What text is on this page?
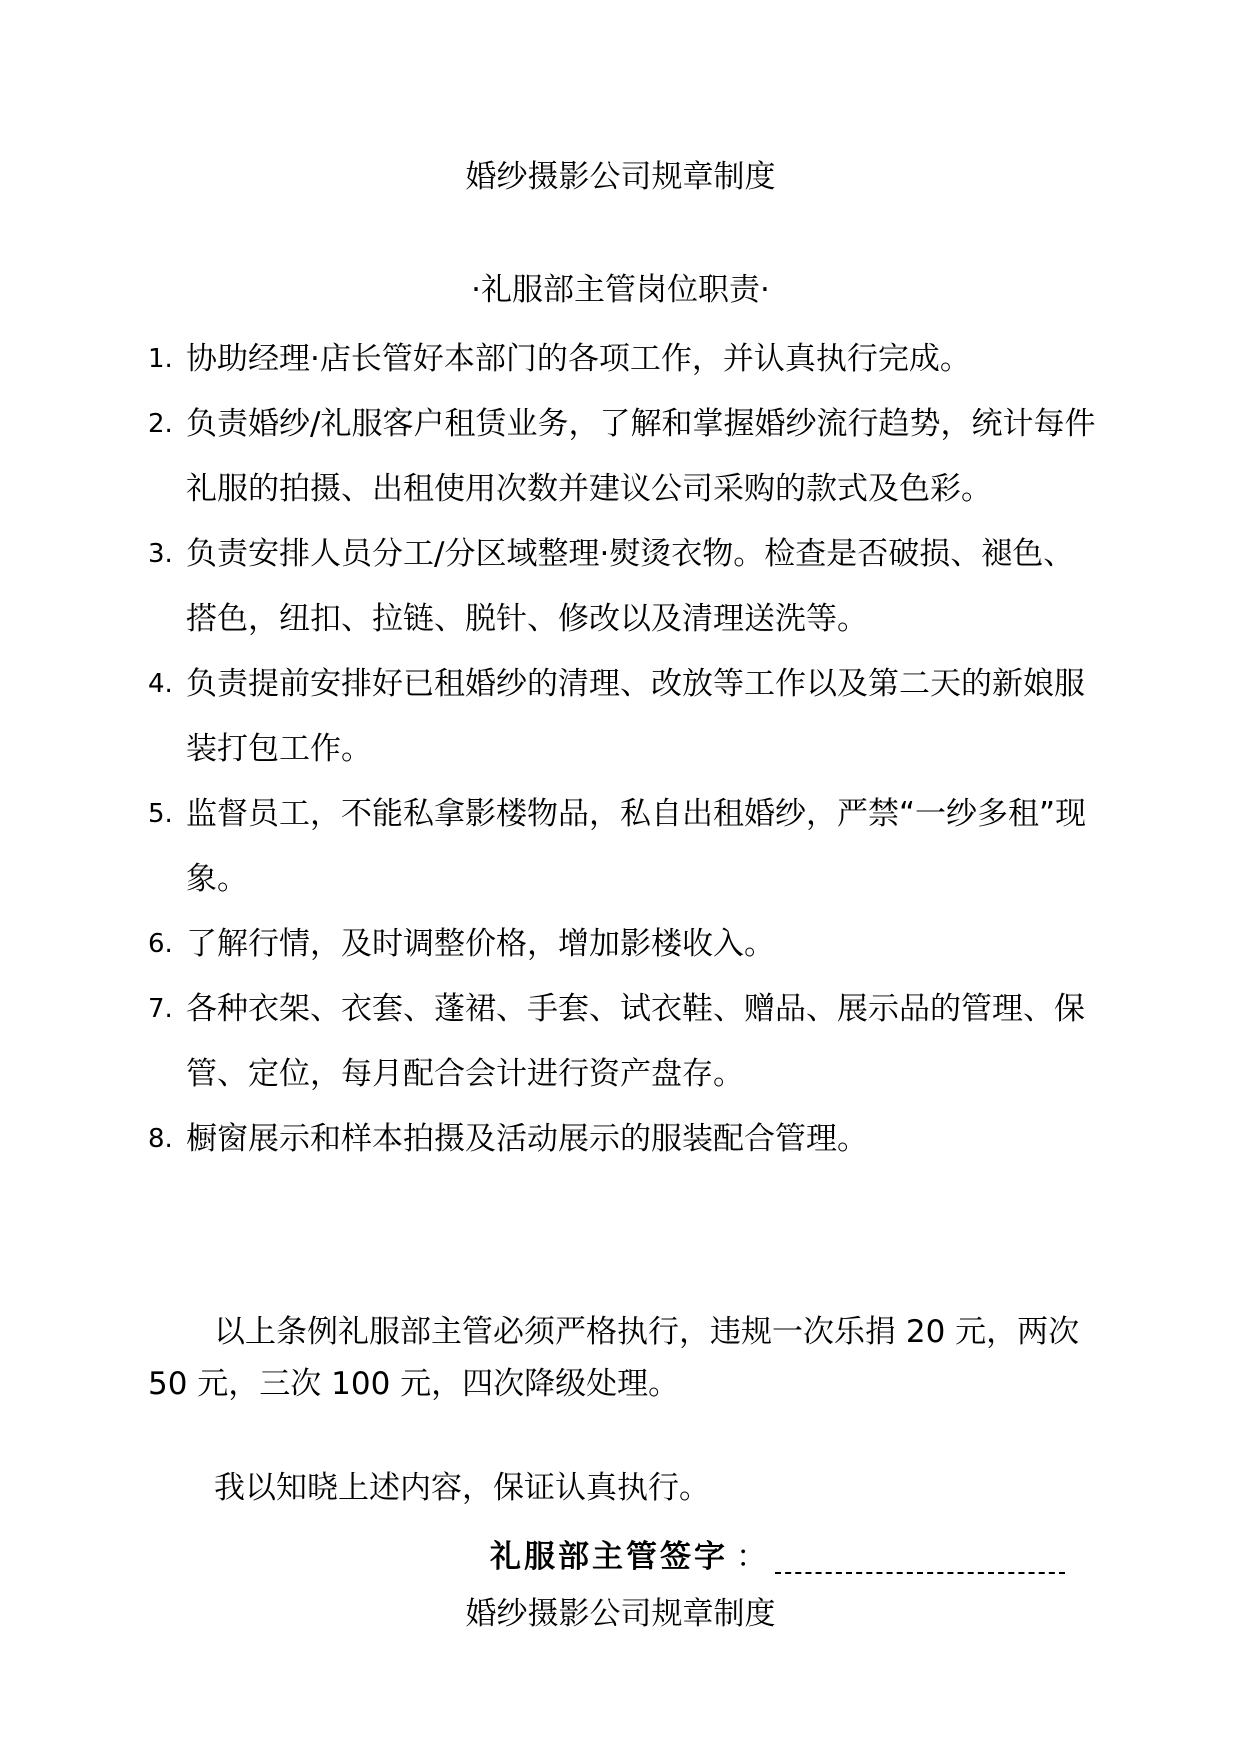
婚纱摄影公司规章制度
·礼服部主管岗位职责·
1. 协助经理·店长管好本部门的各项工作，并认真执行完成。
2. 负责婚纱/礼服客户租赁业务，了解和掌握婚纱流行趋势，统计每件礼服的拍摄、出租使用次数并建议公司采购的款式及色彩。
3. 负责安排人员分工/分区域整理·熨烫衣物。检查是否破损、褪色、搭色，纽扣、拉链、脱针、修改以及清理送洗等。
4. 负责提前安排好已租婚纱的清理、改放等工作以及第二天的新娘服装打包工作。
5. 监督员工，不能私拿影楼物品，私自出租婚纱，严禁“一纱多租”现象。
6. 了解行情，及时调整价格，增加影楼收入。
7. 各种衣架、衣套、蓬裙、手套、试衣鞋、赠品、展示品的管理、保管、定位，每月配合会计进行资产盘存。
8. 橱窗展示和样本拍摄及活动展示的服装配合管理。

以上条例礼服部主管必须严格执行，违规一次乐捐 20 元，两次 50 元，三次 100 元，四次降级处理。

我以知晓上述内容，保证认真执行。

礼服部主管签字 ：
婚纱摄影公司规章制度
